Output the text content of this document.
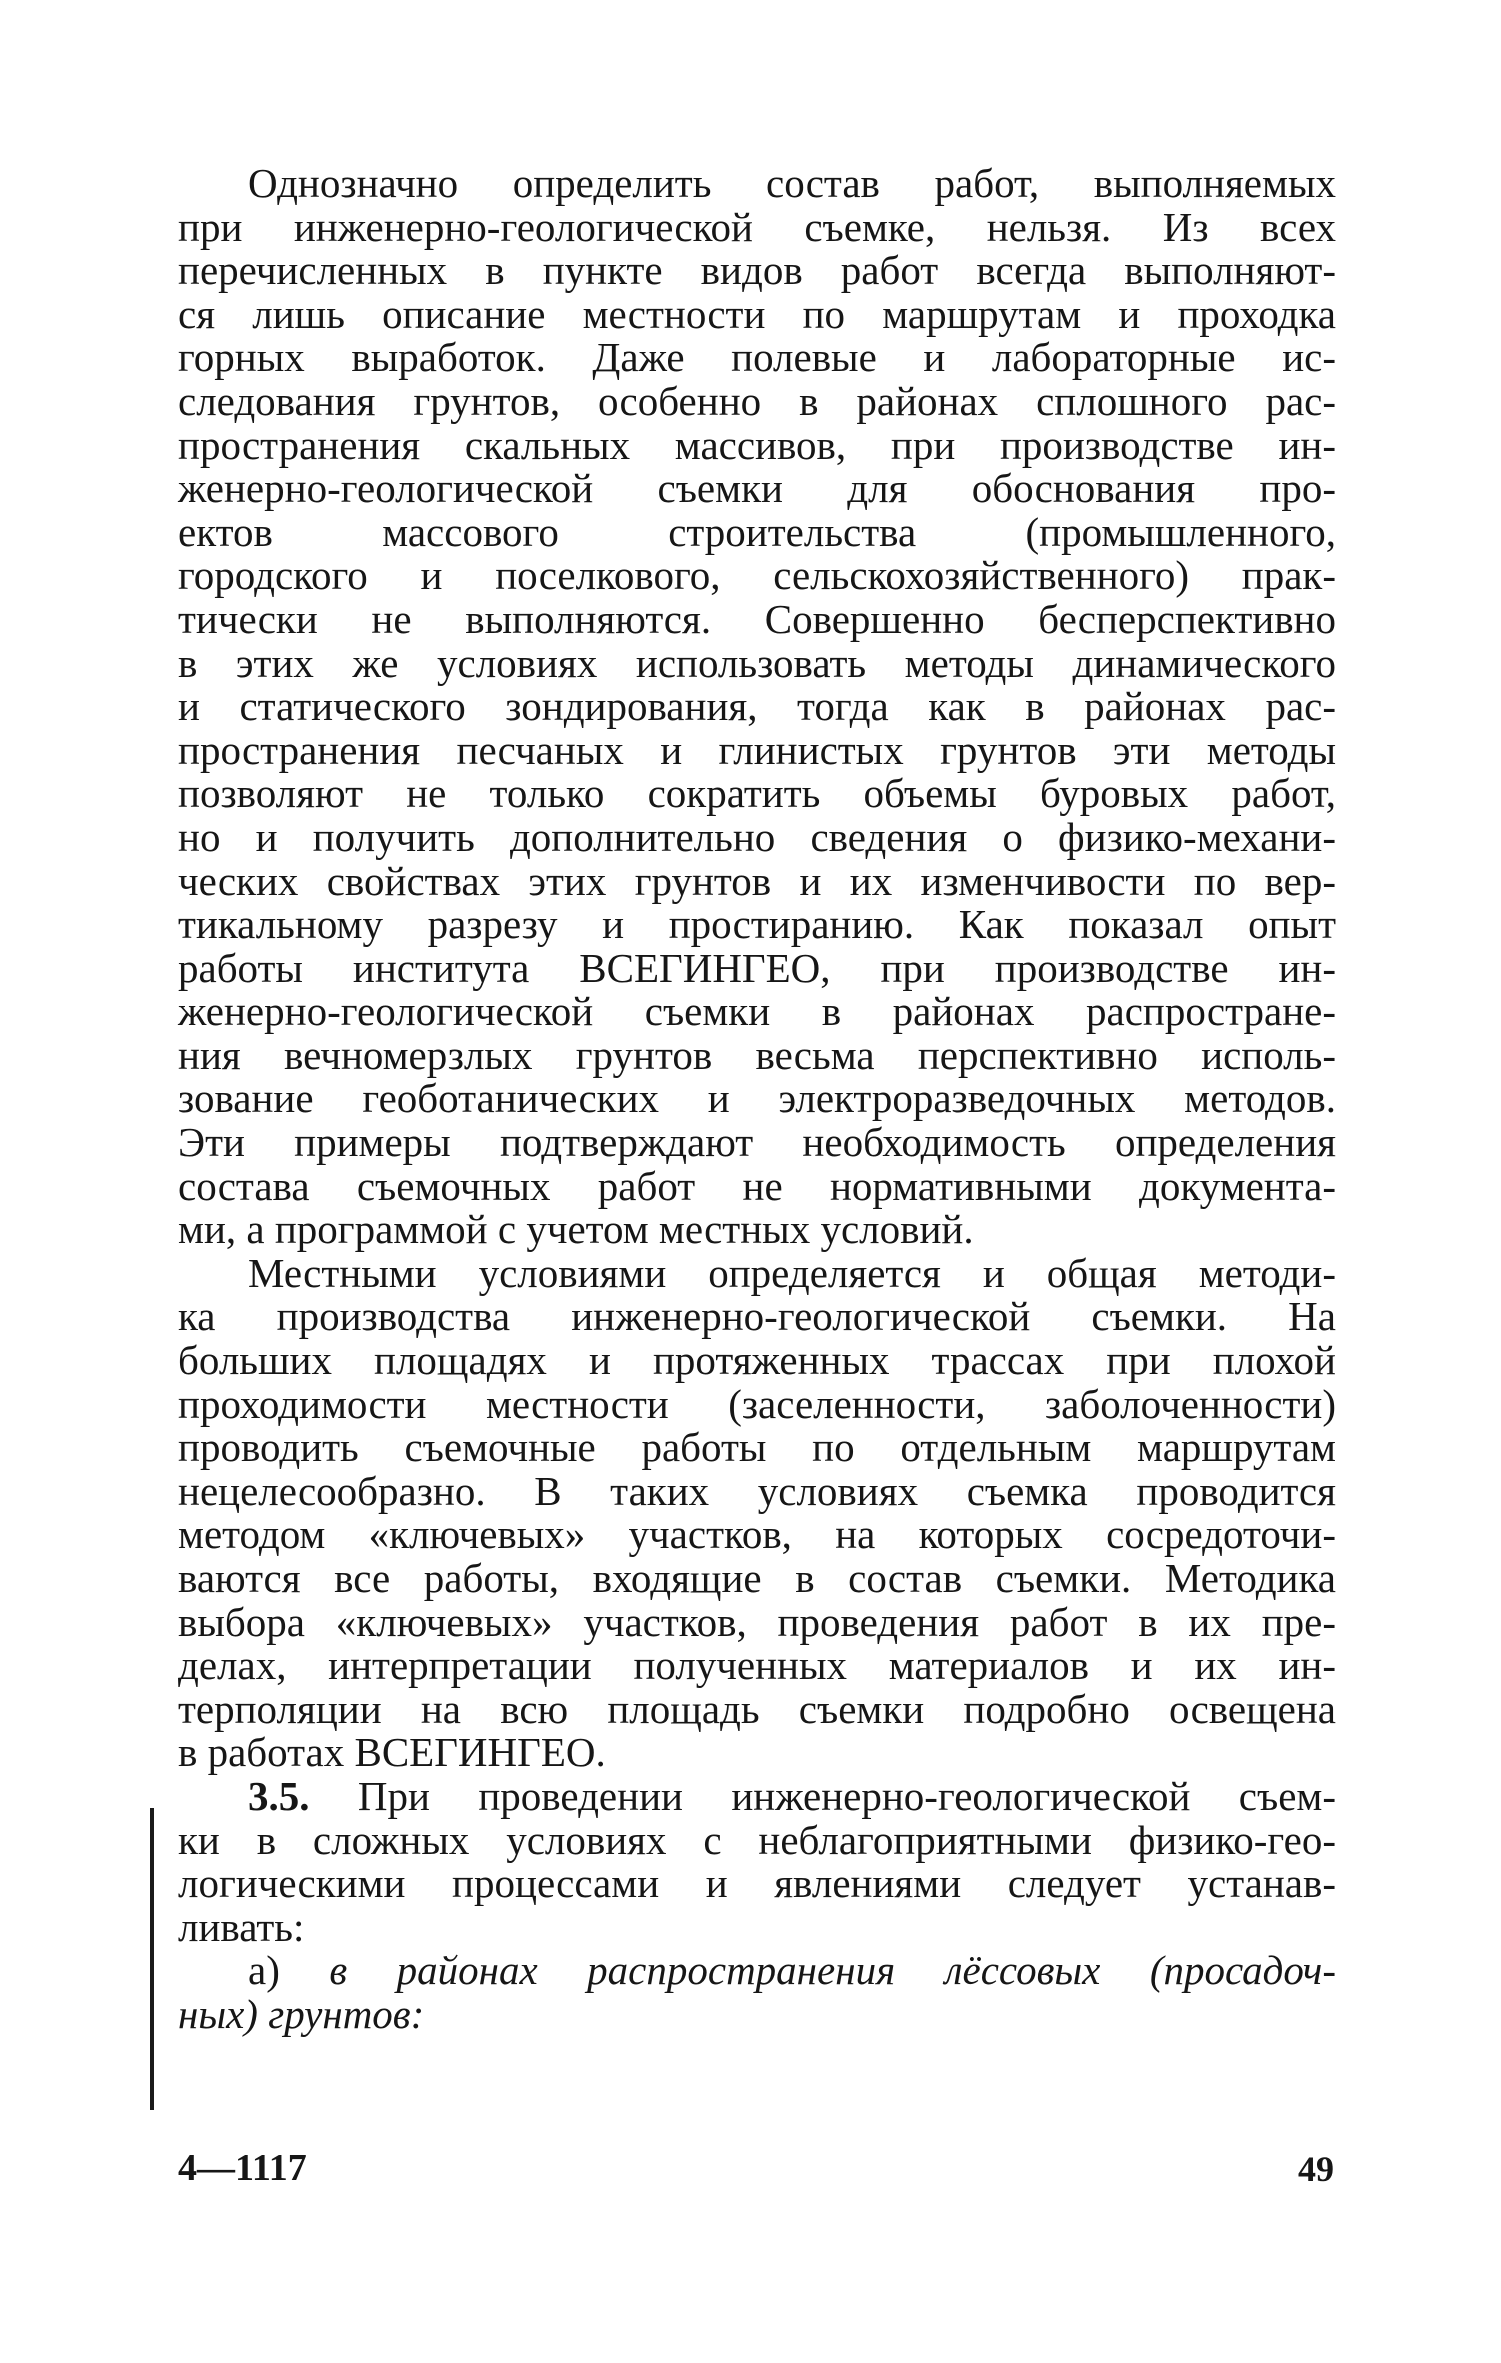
Однозначно определить состав работ, выполняемых
при инженерно-геологической съемке, нельзя. Из всех
перечисленных в пункте видов работ всегда выполняют-
ся лишь описание местности по маршрутам и проходка
горных выработок. Даже полевые и лабораторные ис-
следования грунтов, особенно в районах сплошного рас-
пространения скальных массивов, при производстве ин-
женерно-геологической съемки для обоснования про-
ектов массового строительства (промышленного,
городского и поселкового, сельскохозяйственного) прак-
тически не выполняются. Совершенно бесперспективно
в этих же условиях использовать методы динамического
и статического зондирования, тогда как в районах рас-
пространения песчаных и глинистых грунтов эти методы
позволяют не только сократить объемы буровых работ,
но и получить дополнительно сведения о физико-механи-
ческих свойствах этих грунтов и их изменчивости по вер-
тикальному разрезу и простиранию. Как показал опыт
работы института ВСЕГИНГЕО, при производстве ин-
женерно-геологической съемки в районах распростране-
ния вечномерзлых грунтов весьма перспективно исполь-
зование геоботанических и электроразведочных методов.
Эти примеры подтверждают необходимость определения
состава съемочных работ не нормативными документа-
ми, а программой с учетом местных условий.
Местными условиями определяется и общая методи-
ка производства инженерно-геологической съемки. На
больших площадях и протяженных трассах при плохой
проходимости местности (заселенности, заболоченности)
проводить съемочные работы по отдельным маршрутам
нецелесообразно. В таких условиях съемка проводится
методом «ключевых» участков, на которых сосредоточи-
ваются все работы, входящие в состав съемки. Методика
выбора «ключевых» участков, проведения работ в их пре-
делах, интерпретации полученных материалов и их ин-
терполяции на всю площадь съемки подробно освещена
в работах ВСЕГИНГЕО.
3.5. При проведении инженерно-геологической съем-
ки в сложных условиях с неблагоприятными физико-гео-
логическими процессами и явлениями следует устанав-
ливать:
а) в районах распространения лёссовых (просадоч-
ных) грунтов:
4—1117	49
